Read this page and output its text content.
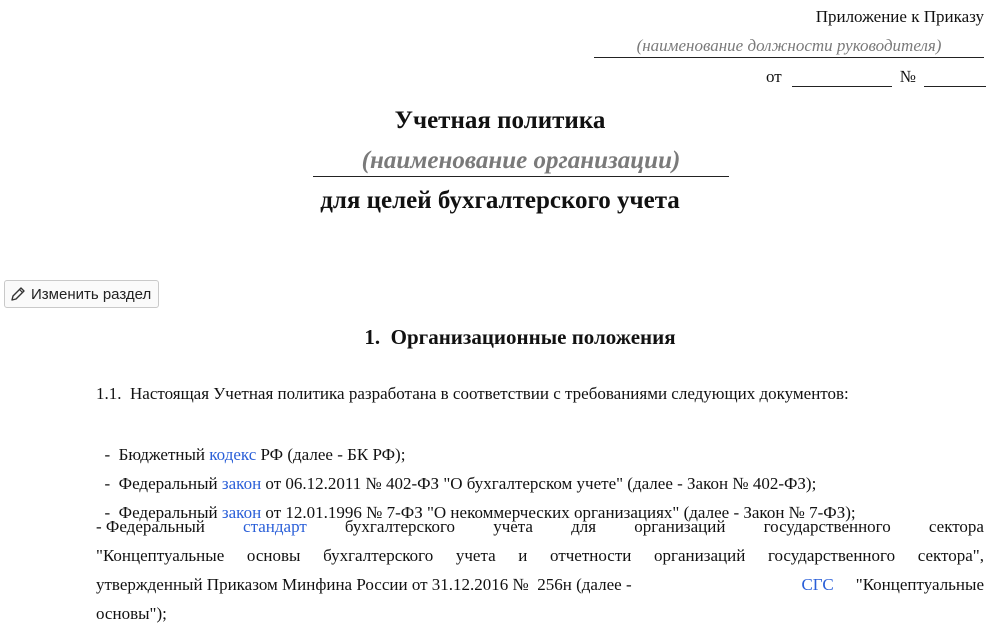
Приложение к Приказу
(наименование должности руководителя)
от	№
Учетная политика
(наименование организации)
для целей бухгалтерского учета
Изменить раздел
1.  Организационные положения
1.1.  Настоящая Учетная политика разработана в соответствии с требованиями следующих документов:

-  Бюджетный кодекс РФ (далее - БК РФ);

-  Федеральный закон от 06.12.2011 № 402-ФЗ "О бухгалтерском учете" (далее - Закон № 402-ФЗ);

-  Федеральный закон от 12.01.1996 № 7-ФЗ "О некоммерческих организациях" (далее - Закон № 7-ФЗ);

- Федеральный стандарт бухгалтерского учета для организаций государственного сектора
"Концептуальные основы бухгалтерского учета и отчетности организаций государственного сектора",
утвержденный Приказом Минфина России от 31.12.2016 №  256н (далее -	СГС "Концептуальные
основы");
